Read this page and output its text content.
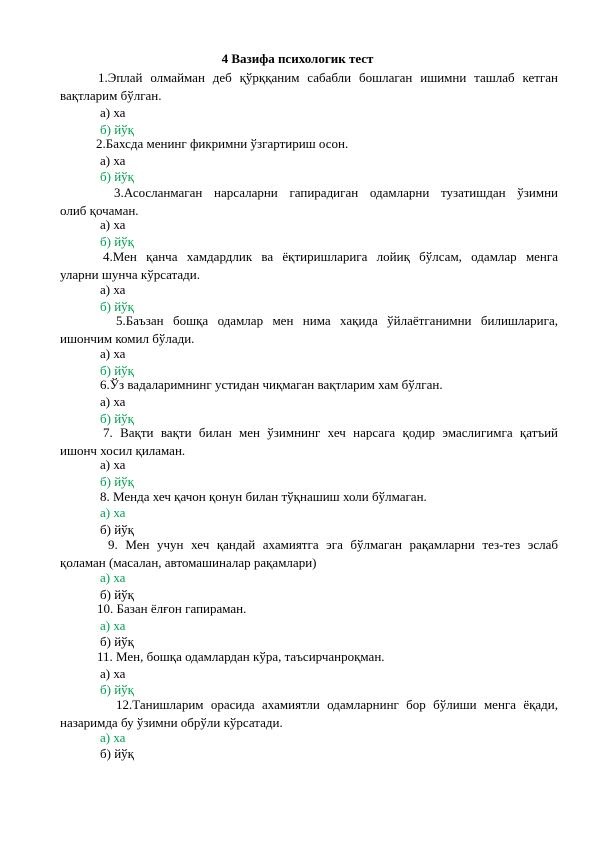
4 Вазифа психологик тест
1.Эплай олмайман деб қўрққаним сабабли бошлаган ишимни ташлаб кетган
вақтларим бўлган.
а) ха
б) йўқ
2.Бахсда менинг фикримни ўзгартириш осон.
а) ха
б) йўқ
3.Асосланмаган нарсаларни гапирадиган одамларни тузатишдан ўзимни
олиб қочаман.
а) ха
б) йўқ
4.Мен қанча хамдардлик ва ёқтиришларига лойиқ бўлсам, одамлар менга
уларни шунча кўрсатади.
а) ха
б) йўқ
5.Баъзан бошқа одамлар мен нима хақида ўйлаётганимни билишларига,
ишончим комил бўлади.
а) ха
б) йўқ
6.Ўз вадаларимнинг устидан чиқмаган вақтларим хам бўлган.
а) ха
б) йўқ
7. Вақти вақти билан мен ўзимнинг хеч нарсага қодир эмаслигимга қатъий
ишонч хосил қиламан.
а) ха
б) йўқ
8. Менда хеч қачон қонун билан тўқнашиш холи бўлмаган.
а) ха
б) йўқ
9. Мен учун хеч қандай ахамиятга эга бўлмаган рақамларни тез-тез эслаб
қоламан (масалан, автомашиналар рақамлари)
а) ха
б) йўқ
10. Базан ёлғон гапираман.
а) ха
б) йўқ
11. Мен, бошқа одамлардан кўра, таъсирчанроқман.
а) ха
б) йўқ
12.Танишларим орасида ахамиятли одамларнинг бор бўлиши менга ёқади,
назаримда бу ўзимни обрўли кўрсатади.
а) ха
б) йўқ
